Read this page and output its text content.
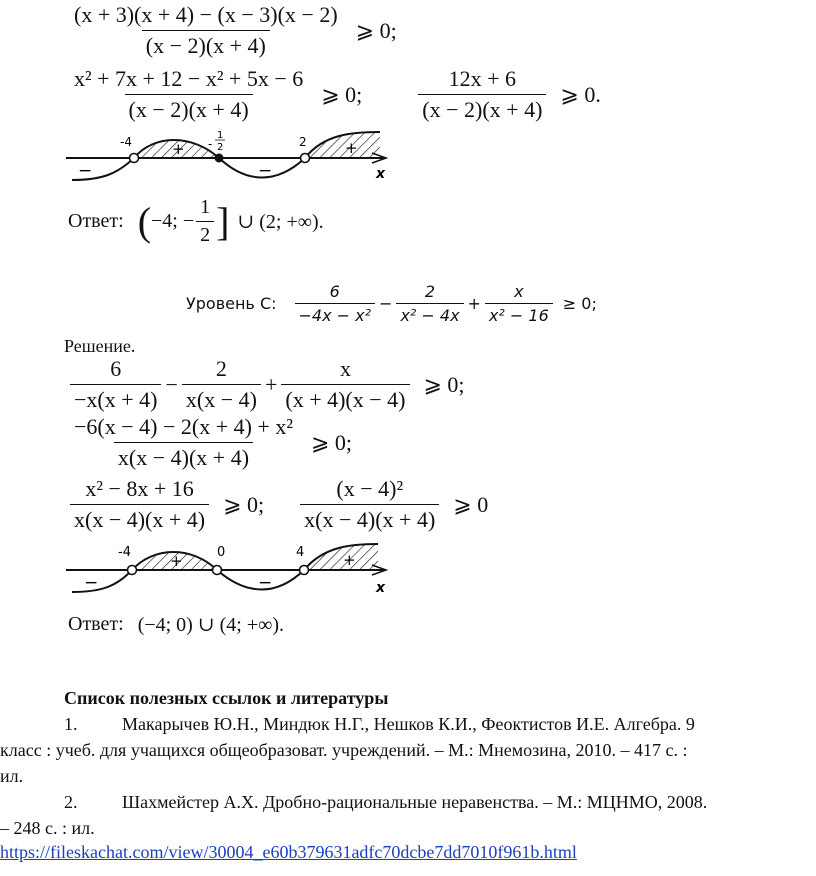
$\frac{(x + 3)(x + 4) - (x - 3)(x - 2)}{(x - 2)(x + 4)}$ ⩾ 0;
$\frac{\text{x² + 7x + 12 − x² + 5x − 6}}{(x - 2)(x + 4)}$ ⩾ 0;	$\frac{12x + 6}{(x - 2)(x + 4)}$ ⩾ 0.
-4	-
1
2	2
+	+
−	−	x
Ответ: ( −4; − $\frac{1}{2}$ ] ∪ (2; +∞).
Уровень С: $\frac{6}{\text{−4x − x²}} - \frac{2}{\text{x² − 4x}} + \frac{x}{\text{x² − 16}} \ge 0$;
Решение.
$\frac{6}{-x(x + 4)} - \frac{2}{x(x - 4)} + \frac{x}{(x + 4)(x - 4)}$ ⩾ 0;
$\frac{\text{−6(x − 4) − 2(x + 4) + x²}}{x(x - 4)(x + 4)}$ ⩾ 0;
$\frac{\text{x² − 8x + 16}}{x(x - 4)(x + 4)}$ ⩾ 0; $\frac{\text{(x − 4)²}}{x(x - 4)(x + 4)}$ ⩾ 0
-4	0	4
+	+
−	−	x
Ответ: (−4; 0) ∪ (4; +∞).
Список полезных ссылок и литературы
1.	Макарычев Ю.Н., Миндюк Н.Г., Нешков К.И., Феоктистов И.Е. Алгебра. 9
класс : учеб. для учащихся общеобразоват. учреждений. – М.: Мнемозина, 2010. – 417 с. :
ил.
2. Шахмейстер А.Х. Дробно-рациональные неравенства. – М.: МЦНМО, 2008.
– 248 с. : ил.
https://fileskachat.com/view/30004_e60b379631adfc70dcbe7dd7010f961b.html
